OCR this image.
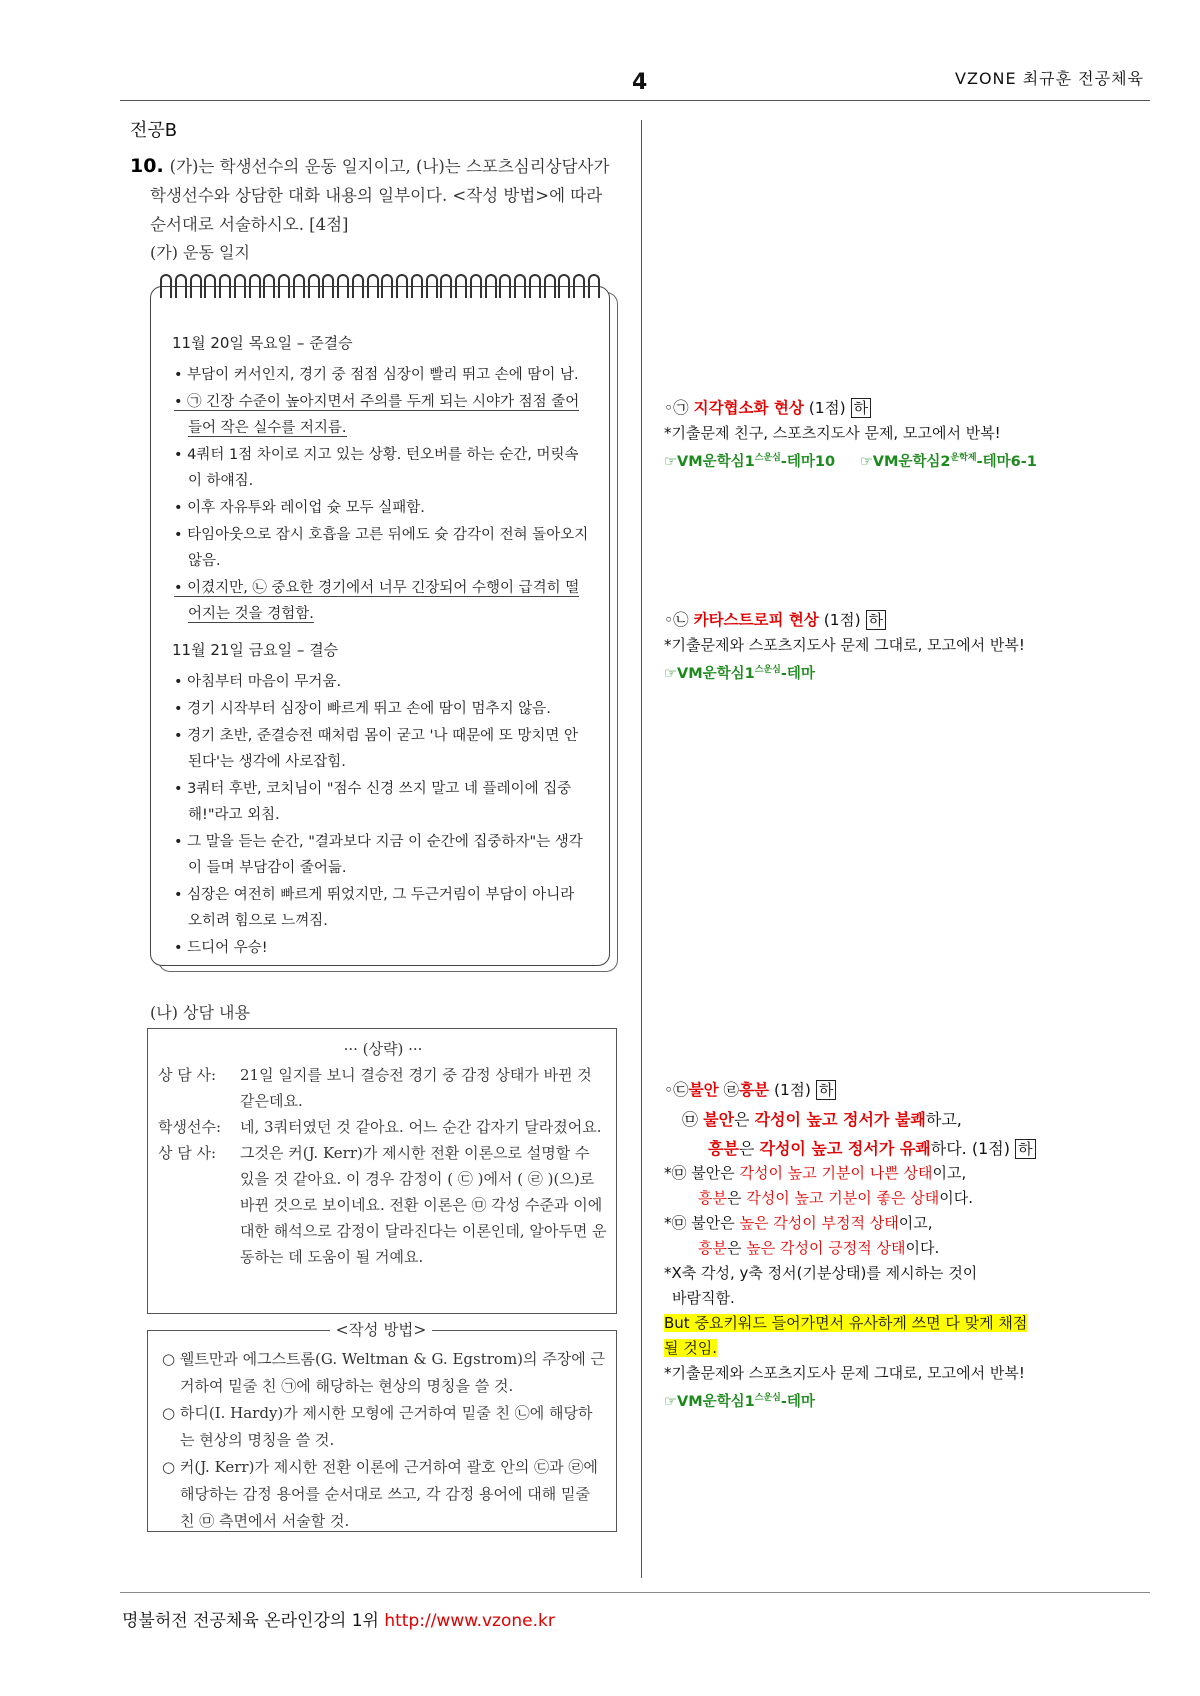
4	VZONE 최규훈 전공체육
전공B
10. (가)는 학생선수의 운동 일지이고, (나)는 스포츠심리상담사가
학생선수와 상담한 대화 내용의 일부이다. <작성 방법>에 따라
순서대로 서술하시오. [4점]
(가) 운동 일지
11월 20일 목요일 – 준결승
• 부담이 커서인지, 경기 중 점점 심장이 빨리 뛰고 손에 땀이 남.
• ㉠ 긴장 수준이 높아지면서 주의를 두게 되는 시야가 점점 줄어들어 작은 실수를 저지름.
• 4쿼터 1점 차이로 지고 있는 상황. 턴오버를 하는 순간, 머릿속이 하얘짐.
• 이후 자유투와 레이업 슛 모두 실패함.
• 타임아웃으로 잠시 호흡을 고른 뒤에도 슛 감각이 전혀 돌아오지 않음.
• 이겼지만, ㉡ 중요한 경기에서 너무 긴장되어 수행이 급격히 떨어지는 것을 경험함.
11월 21일 금요일 – 결승
• 아침부터 마음이 무거움.
• 경기 시작부터 심장이 빠르게 뛰고 손에 땀이 멈추지 않음.
• 경기 초반, 준결승전 때처럼 몸이 굳고 '나 때문에 또 망치면 안 된다'는 생각에 사로잡힘.
• 3쿼터 후반, 코치님이 "점수 신경 쓰지 말고 네 플레이에 집중해!"라고 외침.
• 그 말을 듣는 순간, "결과보다 지금 이 순간에 집중하자"는 생각이 들며 부담감이 줄어듦.
• 심장은 여전히 빠르게 뛰었지만, 그 두근거림이 부담이 아니라 오히려 힘으로 느껴짐.
• 드디어 우승!
(나) 상담 내용
··· (상략) ···
상 담 사:	21일 일지를 보니 결승전 경기 중 감정 상태가 바뀐 것 같은데요.
학생선수:	네, 3쿼터였던 것 같아요. 어느 순간 갑자기 달라졌어요.
상 담 사:	그것은 커(J. Kerr)가 제시한 전환 이론으로 설명할 수 있을 것 같아요. 이 경우 감정이 ( ㉢ )에서 ( ㉣ )(으)로 바뀐 것으로 보이네요. 전환 이론은 ㉤ 각성 수준과 이에 대한 해석으로 감정이 달라진다는 이론인데, 알아두면 운동하는 데 도움이 될 거예요.
<작성 방법>
○ 웰트만과 에그스트롬(G. Weltman & G. Egstrom)의 주장에 근거하여 밑줄 친 ㉠에 해당하는 현상의 명칭을 쓸 것.
○ 하디(I. Hardy)가 제시한 모형에 근거하여 밑줄 친 ㉡에 해당하는 현상의 명칭을 쓸 것.
○ 커(J. Kerr)가 제시한 전환 이론에 근거하여 괄호 안의 ㉢과 ㉣에 해당하는 감정 용어를 순서대로 쓰고, 각 감정 용어에 대해 밑줄 친 ㉤ 측면에서 서술할 것.
◦㉠ 지각협소화 현상 (1점) 하
*기출문제 친구, 스포츠지도사 문제, 모고에서 반복!
☞VM운학심$1^{스운심}-$테마10 ☞VM운학심$2^{운학제}-$테마6-1
◦㉡ 카타스트로피 현상 (1점) 하
*기출문제와 스포츠지도사 문제 그대로, 모고에서 반복!
☞VM운학심$1^{스운심}-$테마
◦㉢불안 ㉣흥분 (1점) 하
㉤ 불안은 각성이 높고 정서가 불쾌하고,
흥분은 각성이 높고 정서가 유쾌하다. (1점) 하
*㉤ 불안은 각성이 높고 기분이 나쁜 상태이고,
흥분은 각성이 높고 기분이 좋은 상태이다.
*㉤ 불안은 높은 각성이 부정적 상태이고,
흥분은 높은 각성이 긍정적 상태이다.
*X축 각성, y축 정서(기분상태)를 제시하는 것이
바람직함.
But 중요키워드 들어가면서 유사하게 쓰면 다 맞게 채점
될 것임.
*기출문제와 스포츠지도사 문제 그대로, 모고에서 반복!
☞VM운학심$1^{스운심}-$테마
명불허전 전공체육 온라인강의 1위 http://www.vzone.kr
